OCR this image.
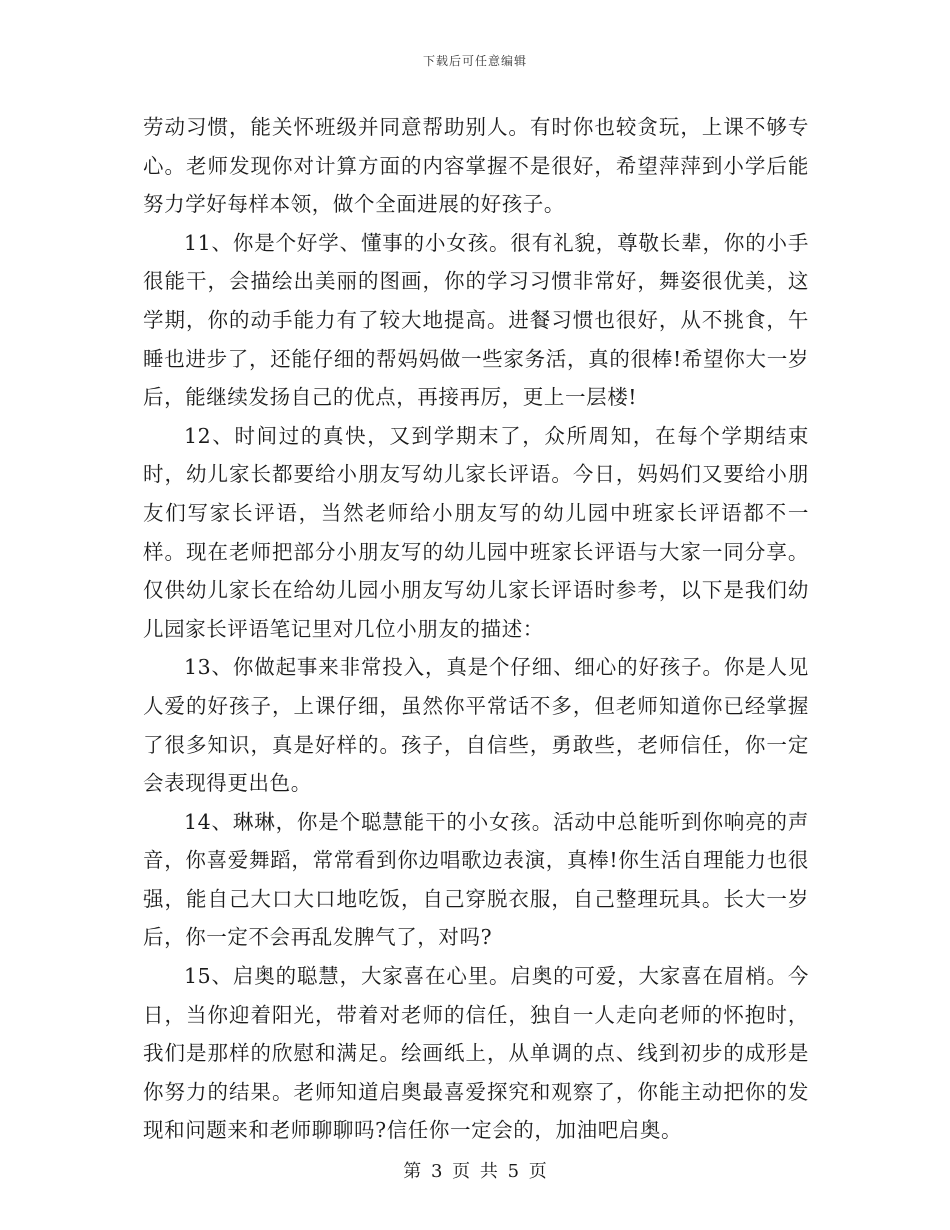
下载后可任意编辑

劳动习惯，能关怀班级并同意帮助别人。有时你也较贪玩，上课不够专心。老师发现你对计算方面的内容掌握不是很好，希望萍萍到小学后能努力学好每样本领，做个全面进展的好孩子。

11、你是个好学、懂事的小女孩。很有礼貌，尊敬长辈，你的小手很能干，会描绘出美丽的图画，你的学习习惯非常好，舞姿很优美，这学期，你的动手能力有了较大地提高。进餐习惯也很好，从不挑食，午睡也进步了，还能仔细的帮妈妈做一些家务活，真的很棒!希望你大一岁后，能继续发扬自己的优点，再接再厉，更上一层楼!

12、时间过的真快，又到学期末了，众所周知，在每个学期结束时，幼儿家长都要给小朋友写幼儿家长评语。今日，妈妈们又要给小朋友们写家长评语，当然老师给小朋友写的幼儿园中班家长评语都不一样。现在老师把部分小朋友写的幼儿园中班家长评语与大家一同分享。仅供幼儿家长在给幼儿园小朋友写幼儿家长评语时参考，以下是我们幼儿园家长评语笔记里对几位小朋友的描述：

13、你做起事来非常投入，真是个仔细、细心的好孩子。你是人见人爱的好孩子，上课仔细，虽然你平常话不多，但老师知道你已经掌握了很多知识，真是好样的。孩子，自信些，勇敢些，老师信任，你一定会表现得更出色。

14、琳琳，你是个聪慧能干的小女孩。活动中总能听到你响亮的声音，你喜爱舞蹈，常常看到你边唱歌边表演，真棒!你生活自理能力也很强，能自己大口大口地吃饭，自己穿脱衣服，自己整理玩具。长大一岁后，你一定不会再乱发脾气了，对吗?

15、启奥的聪慧，大家喜在心里。启奥的可爱，大家喜在眉梢。今日，当你迎着阳光，带着对老师的信任，独自一人走向老师的怀抱时，我们是那样的欣慰和满足。绘画纸上，从单调的点、线到初步的成形是你努力的结果。老师知道启奥最喜爱探究和观察了，你能主动把你的发现和问题来和老师聊聊吗?信任你一定会的，加油吧启奥。

第 3 页 共 5 页
